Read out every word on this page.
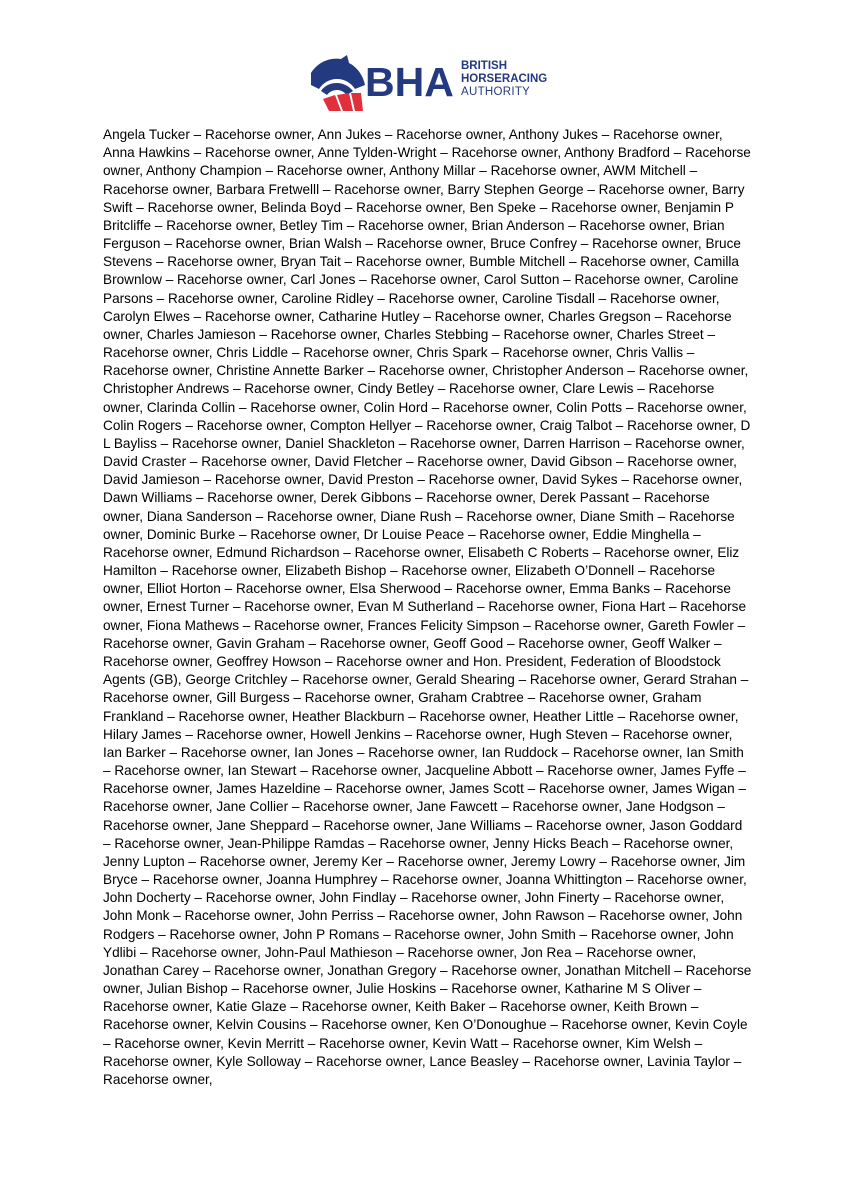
BHA BRITISH
HORSERACING
AUTHORITY

Angela Tucker – Racehorse owner, Ann Jukes – Racehorse owner, Anthony Jukes – Racehorse owner, Anna Hawkins – Racehorse owner, Anne Tylden-Wright – Racehorse owner, Anthony Bradford – Racehorse owner, Anthony Champion – Racehorse owner, Anthony Millar – Racehorse owner, AWM Mitchell – Racehorse owner, Barbara Fretwelll – Racehorse owner, Barry Stephen George – Racehorse owner, Barry Swift – Racehorse owner, Belinda Boyd – Racehorse owner, Ben Speke – Racehorse owner, Benjamin P Britcliffe – Racehorse owner, Betley Tim – Racehorse owner, Brian Anderson – Racehorse owner, Brian Ferguson – Racehorse owner, Brian Walsh – Racehorse owner, Bruce Confrey – Racehorse owner, Bruce Stevens – Racehorse owner, Bryan Tait – Racehorse owner, Bumble Mitchell – Racehorse owner, Camilla Brownlow – Racehorse owner, Carl Jones – Racehorse owner, Carol Sutton – Racehorse owner, Caroline Parsons – Racehorse owner, Caroline Ridley – Racehorse owner, Caroline Tisdall – Racehorse owner, Carolyn Elwes – Racehorse owner, Catharine Hutley – Racehorse owner, Charles Gregson – Racehorse owner, Charles Jamieson – Racehorse owner, Charles Stebbing – Racehorse owner, Charles Street – Racehorse owner, Chris Liddle – Racehorse owner, Chris Spark – Racehorse owner, Chris Vallis – Racehorse owner, Christine Annette Barker – Racehorse owner, Christopher Anderson – Racehorse owner, Christopher Andrews – Racehorse owner, Cindy Betley – Racehorse owner, Clare Lewis – Racehorse owner, Clarinda Collin – Racehorse owner, Colin Hord – Racehorse owner, Colin Potts – Racehorse owner, Colin Rogers – Racehorse owner, Compton Hellyer – Racehorse owner, Craig Talbot – Racehorse owner, D L Bayliss – Racehorse owner, Daniel Shackleton – Racehorse owner, Darren Harrison – Racehorse owner, David Craster – Racehorse owner, David Fletcher – Racehorse owner, David Gibson – Racehorse owner, David Jamieson – Racehorse owner, David Preston – Racehorse owner, David Sykes – Racehorse owner, Dawn Williams – Racehorse owner, Derek Gibbons – Racehorse owner, Derek Passant – Racehorse owner, Diana Sanderson – Racehorse owner, Diane Rush – Racehorse owner, Diane Smith – Racehorse owner, Dominic Burke – Racehorse owner, Dr Louise Peace – Racehorse owner, Eddie Minghella – Racehorse owner, Edmund Richardson – Racehorse owner, Elisabeth C Roberts – Racehorse owner, Eliz Hamilton – Racehorse owner, Elizabeth Bishop – Racehorse owner, Elizabeth O’Donnell – Racehorse owner, Elliot Horton – Racehorse owner, Elsa Sherwood – Racehorse owner, Emma Banks – Racehorse owner, Ernest Turner – Racehorse owner, Evan M Sutherland – Racehorse owner, Fiona Hart – Racehorse owner, Fiona Mathews – Racehorse owner, Frances Felicity Simpson – Racehorse owner, Gareth Fowler – Racehorse owner, Gavin Graham – Racehorse owner, Geoff Good – Racehorse owner, Geoff Walker – Racehorse owner, Geoffrey Howson – Racehorse owner and Hon. President, Federation of Bloodstock Agents (GB), George Critchley – Racehorse owner, Gerald Shearing – Racehorse owner, Gerard Strahan – Racehorse owner, Gill Burgess – Racehorse owner, Graham Crabtree – Racehorse owner, Graham Frankland – Racehorse owner, Heather Blackburn – Racehorse owner, Heather Little – Racehorse owner, Hilary James – Racehorse owner, Howell Jenkins – Racehorse owner, Hugh Steven – Racehorse owner, Ian Barker – Racehorse owner, Ian Jones – Racehorse owner, Ian Ruddock – Racehorse owner, Ian Smith – Racehorse owner, Ian Stewart – Racehorse owner, Jacqueline Abbott – Racehorse owner, James Fyffe – Racehorse owner, James Hazeldine – Racehorse owner, James Scott – Racehorse owner, James Wigan – Racehorse owner, Jane Collier – Racehorse owner, Jane Fawcett – Racehorse owner, Jane Hodgson – Racehorse owner, Jane Sheppard – Racehorse owner, Jane Williams – Racehorse owner, Jason Goddard – Racehorse owner, Jean-Philippe Ramdas – Racehorse owner, Jenny Hicks Beach – Racehorse owner, Jenny Lupton – Racehorse owner, Jeremy Ker – Racehorse owner, Jeremy Lowry – Racehorse owner, Jim Bryce – Racehorse owner, Joanna Humphrey – Racehorse owner, Joanna Whittington – Racehorse owner, John Docherty – Racehorse owner, John Findlay – Racehorse owner, John Finerty – Racehorse owner, John Monk – Racehorse owner, John Perriss – Racehorse owner, John Rawson – Racehorse owner, John Rodgers – Racehorse owner, John P Romans – Racehorse owner, John Smith – Racehorse owner, John Ydlibi – Racehorse owner, John-Paul Mathieson – Racehorse owner, Jon Rea – Racehorse owner, Jonathan Carey – Racehorse owner, Jonathan Gregory – Racehorse owner, Jonathan Mitchell – Racehorse owner, Julian Bishop – Racehorse owner, Julie Hoskins – Racehorse owner, Katharine M S Oliver – Racehorse owner, Katie Glaze – Racehorse owner, Keith Baker – Racehorse owner, Keith Brown – Racehorse owner, Kelvin Cousins – Racehorse owner, Ken O’Donoughue – Racehorse owner, Kevin Coyle – Racehorse owner, Kevin Merritt – Racehorse owner, Kevin Watt – Racehorse owner, Kim Welsh – Racehorse owner, Kyle Solloway – Racehorse owner, Lance Beasley – Racehorse owner, Lavinia Taylor – Racehorse owner,
